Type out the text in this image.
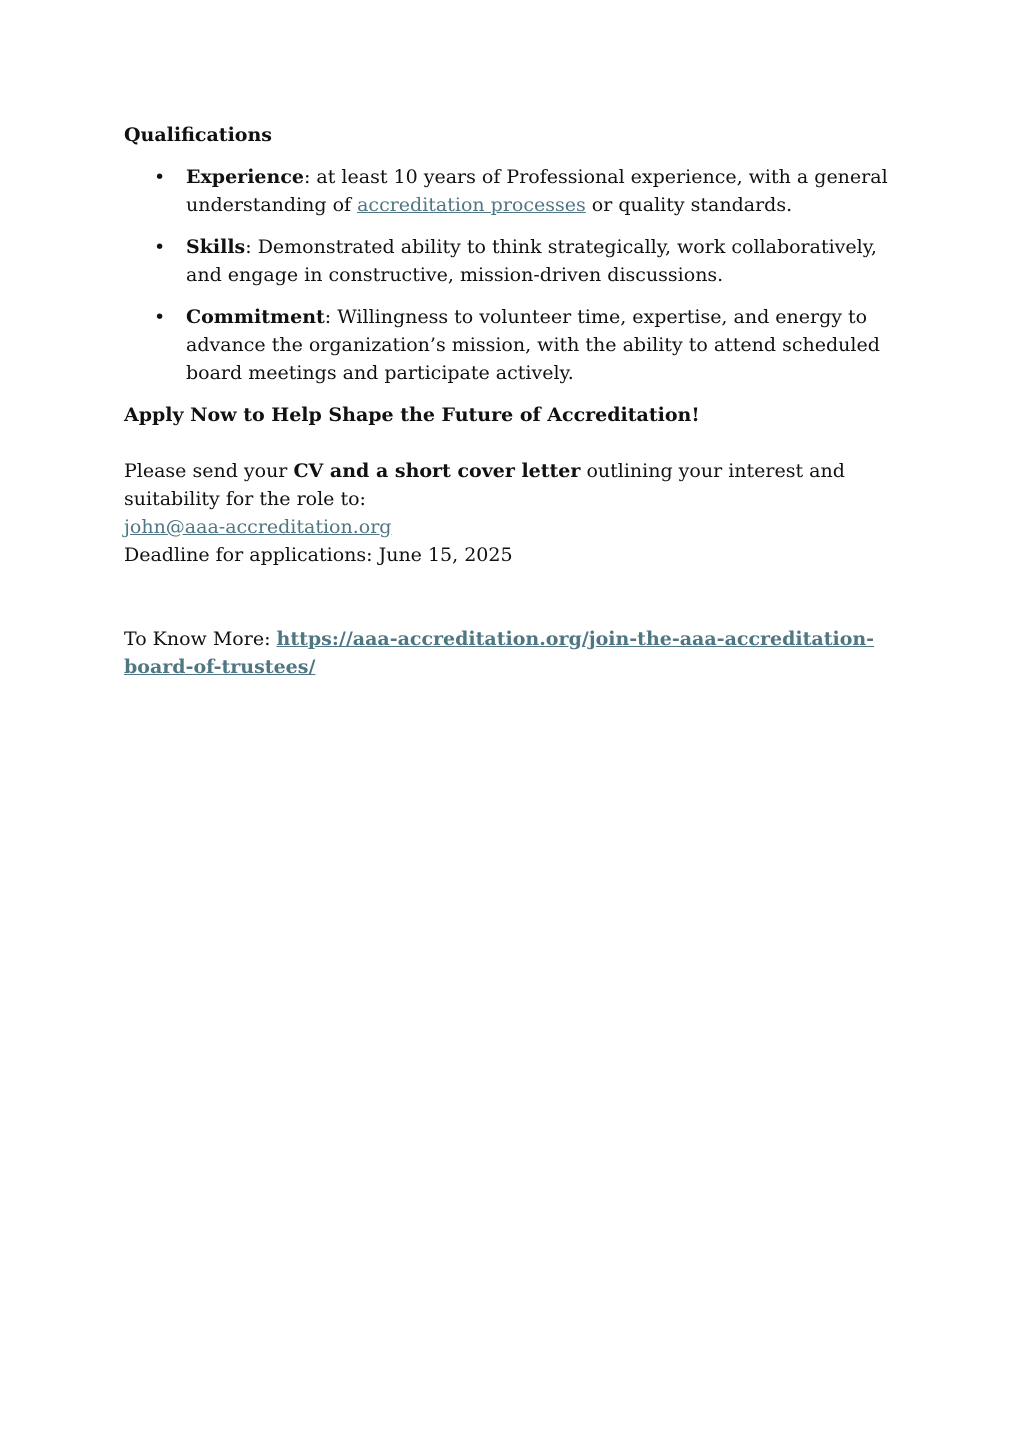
Qualifications

• Experience: at least 10 years of Professional experience, with a general understanding of accreditation processes or quality standards.
• Skills: Demonstrated ability to think strategically, work collaboratively, and engage in constructive, mission-driven discussions.
• Commitment: Willingness to volunteer time, expertise, and energy to advance the organization’s mission, with the ability to attend scheduled board meetings and participate actively.

Apply Now to Help Shape the Future of Accreditation!

Please send your CV and a short cover letter outlining your interest and suitability for the role to:

john@aaa-accreditation.org

Deadline for applications: June 15, 2025

To Know More: https://aaa-accreditation.org/join-the-aaa-accreditation-board-of-trustees/
